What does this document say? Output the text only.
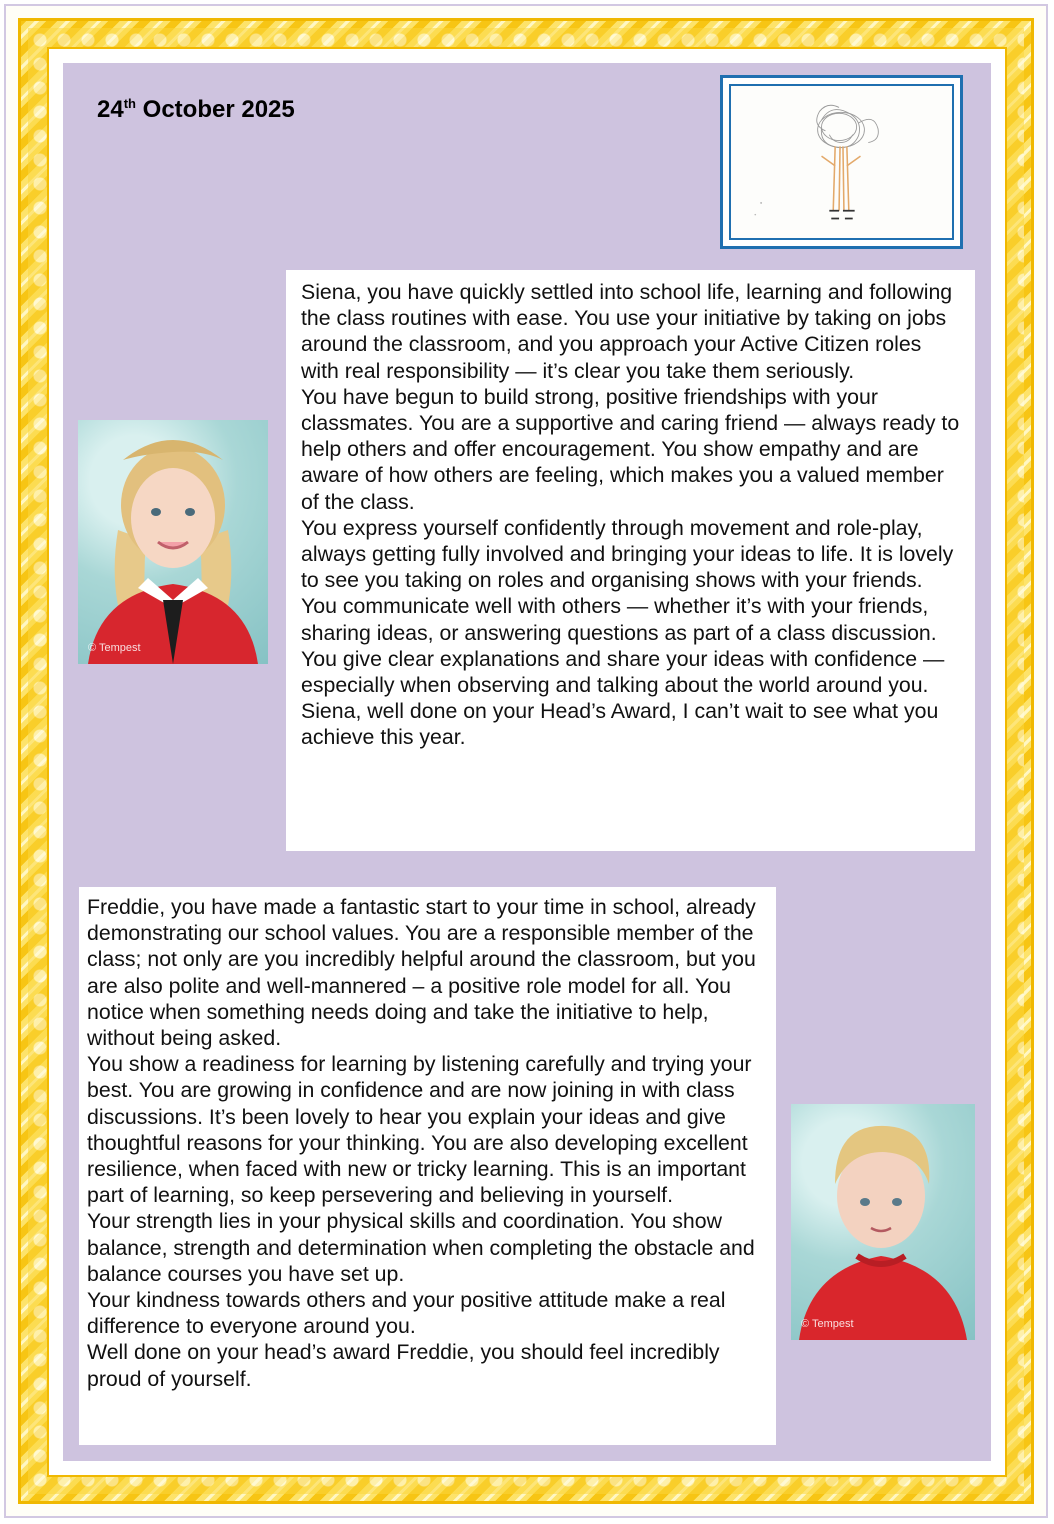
24th October 2025

Siena, you have quickly settled into school life, learning and following the class routines with ease. You use your initiative by taking on jobs around the classroom, and you approach your Active Citizen roles with real responsibility — it’s clear you take them seriously.

You have begun to build strong, positive friendships with your classmates. You are a supportive and caring friend — always ready to help others and offer encouragement. You show empathy and are aware of how others are feeling, which makes you a valued member of the class.

You express yourself confidently through movement and role-play, always getting fully involved and bringing your ideas to life. It is lovely to see you taking on roles and organising shows with your friends.

You communicate well with others — whether it’s with your friends, sharing ideas, or answering questions as part of a class discussion. You give clear explanations and share your ideas with confidence — especially when observing and talking about the world around you.

Siena, well done on your Head’s Award, I can’t wait to see what you achieve this year.

© Tempest

Freddie, you have made a fantastic start to your time in school, already demonstrating our school values. You are a responsible member of the class; not only are you incredibly helpful around the classroom, but you are also polite and well-mannered – a positive role model for all. You notice when something needs doing and take the initiative to help, without being asked.

You show a readiness for learning by listening carefully and trying your best. You are growing in confidence and are now joining in with class discussions. It’s been lovely to hear you explain your ideas and give thoughtful reasons for your thinking. You are also developing excellent resilience, when faced with new or tricky learning. This is an important part of learning, so keep persevering and believing in yourself.

Your strength lies in your physical skills and coordination. You show balance, strength and determination when completing the obstacle and balance courses you have set up.

Your kindness towards others and your positive attitude make a real difference to everyone around you.

Well done on your head’s award Freddie, you should feel incredibly proud of yourself.

© Tempest
